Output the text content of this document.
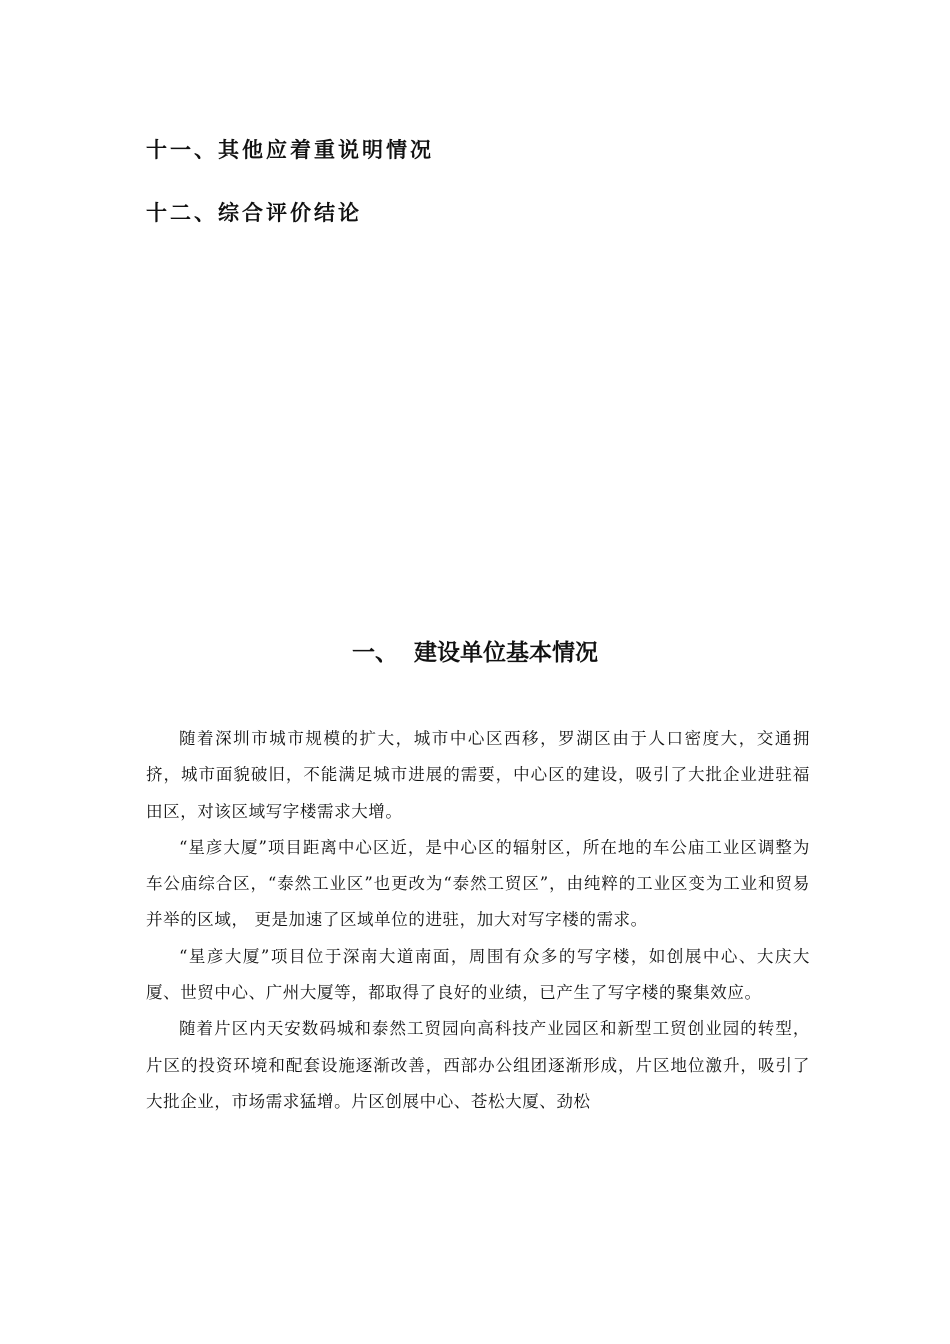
十一、其他应着重说明情况
十二、综合评价结论
一、 建设单位基本情况

随着深圳市城市规模的扩大，城市中心区西移，罗湖区由于人口密度大，交通拥挤，城市面貌破旧，不能满足城市进展的需要，中心区的建设，吸引了大批企业进驻福田区，对该区域写字楼需求大增。

“星彦大厦”项目距离中心区近，是中心区的辐射区，所在地的车公庙工业区调整为车公庙综合区，“泰然工业区”也更改为“泰然工贸区”，由纯粹的工业区变为工业和贸易并举的区域， 更是加速了区域单位的进驻，加大对写字楼的需求。

“星彦大厦”项目位于深南大道南面，周围有众多的写字楼，如创展中心、大庆大厦、世贸中心、广州大厦等，都取得了良好的业绩，已产生了写字楼的聚集效应。

随着片区内天安数码城和泰然工贸园向高科技产业园区和新型工贸创业园的转型，片区的投资环境和配套设施逐渐改善，西部办公组团逐渐形成，片区地位激升，吸引了大批企业，市场需求猛增。片区创展中心、苍松大厦、劲松
